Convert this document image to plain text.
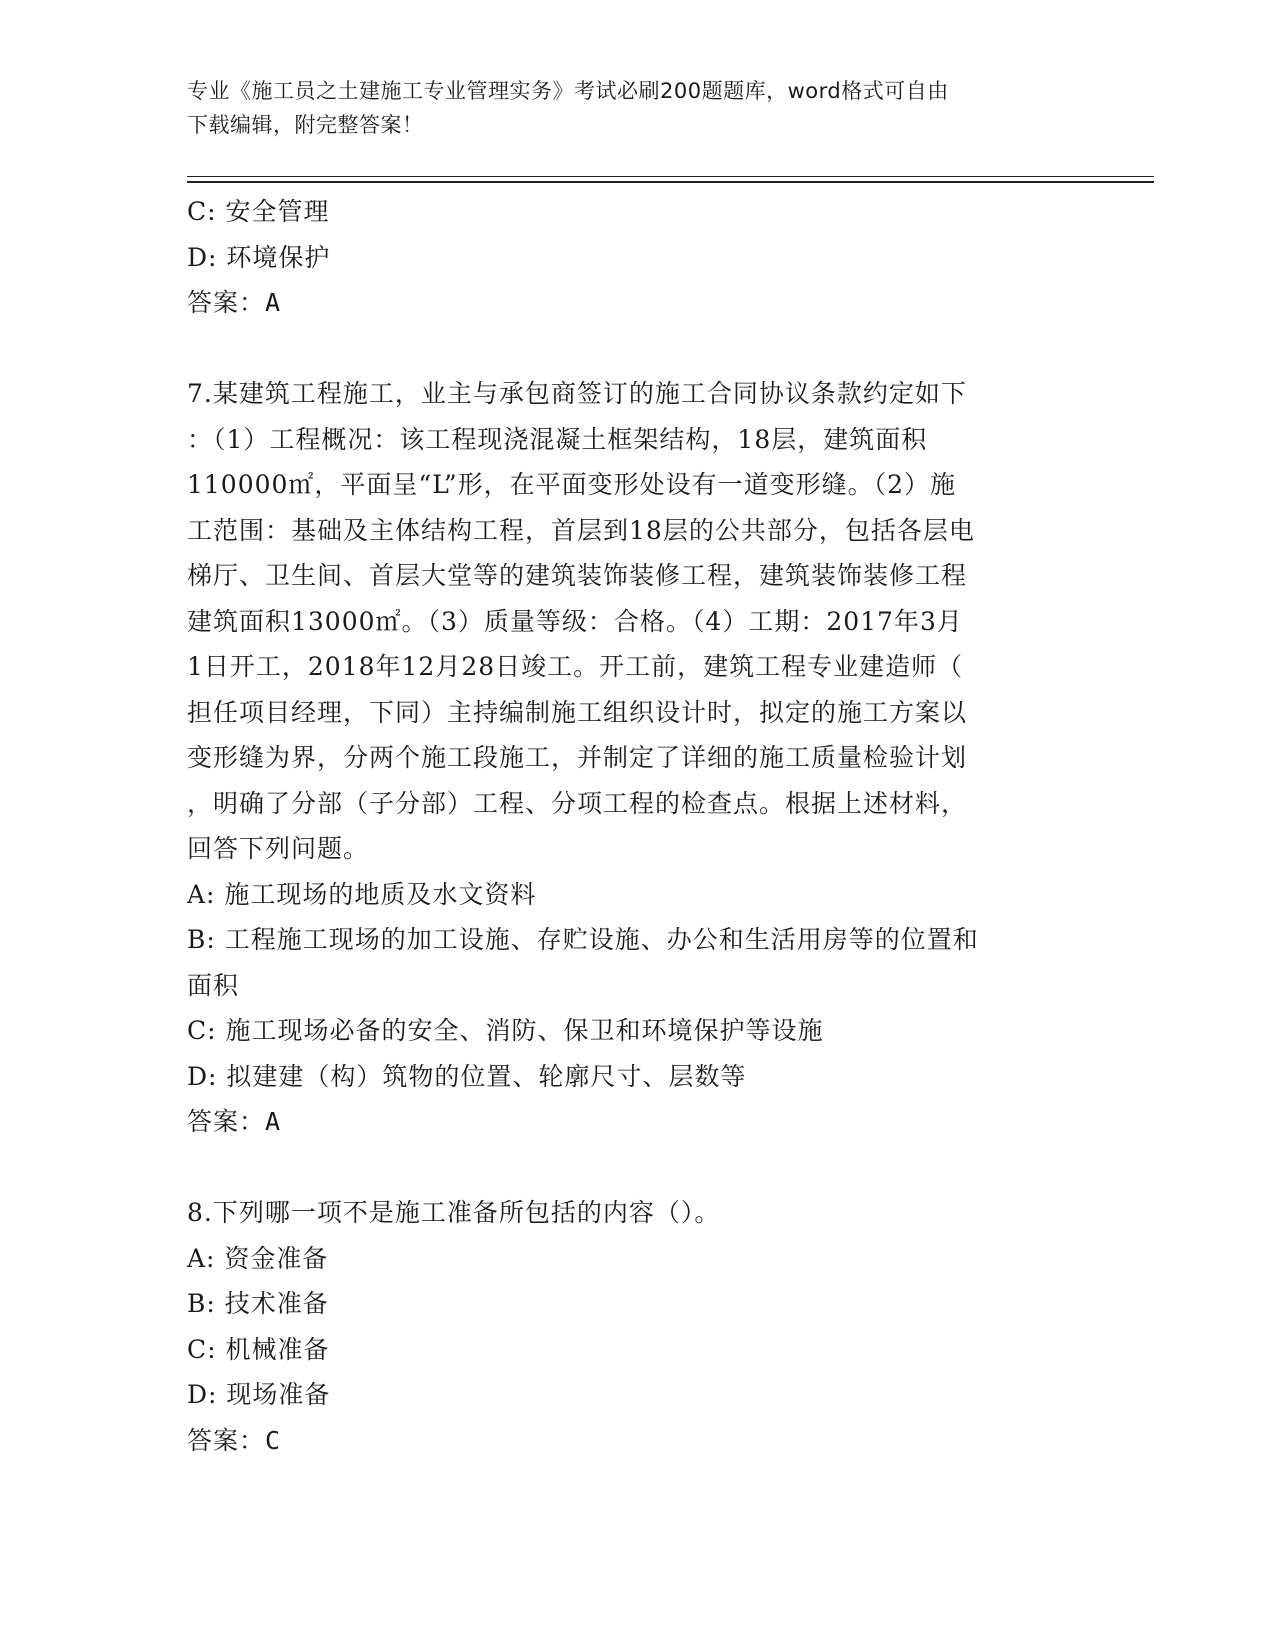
专业《施工员之土建施工专业管理实务》考试必刷200题题库，word格式可自由
下载编辑，附完整答案！
C: 安全管理
D: 环境保护
答案：A
7.某建筑工程施工，业主与承包商签订的施工合同协议条款约定如下
：（1）工程概况：该工程现浇混凝土框架结构，18层，建筑面积
110000㎡，平面呈“L”形，在平面变形处设有一道变形缝。（2）施
工范围：基础及主体结构工程，首层到18层的公共部分，包括各层电
梯厅、卫生间、首层大堂等的建筑装饰装修工程，建筑装饰装修工程
建筑面积13000㎡。（3）质量等级：合格。（4）工期：2017年3月
1日开工，2018年12月28日竣工。开工前，建筑工程专业建造师（
担任项目经理，下同）主持编制施工组织设计时，拟定的施工方案以
变形缝为界，分两个施工段施工，并制定了详细的施工质量检验计划
，明确了分部（子分部）工程、分项工程的检查点。根据上述材料，
回答下列问题。
A: 施工现场的地质及水文资料
B: 工程施工现场的加工设施、存贮设施、办公和生活用房等的位置和
面积
C: 施工现场必备的安全、消防、保卫和环境保护等设施
D: 拟建建（构）筑物的位置、轮廓尺寸、层数等
答案：A
8.下列哪一项不是施工准备所包括的内容（）。
A: 资金准备
B: 技术准备
C: 机械准备
D: 现场准备
答案：C
